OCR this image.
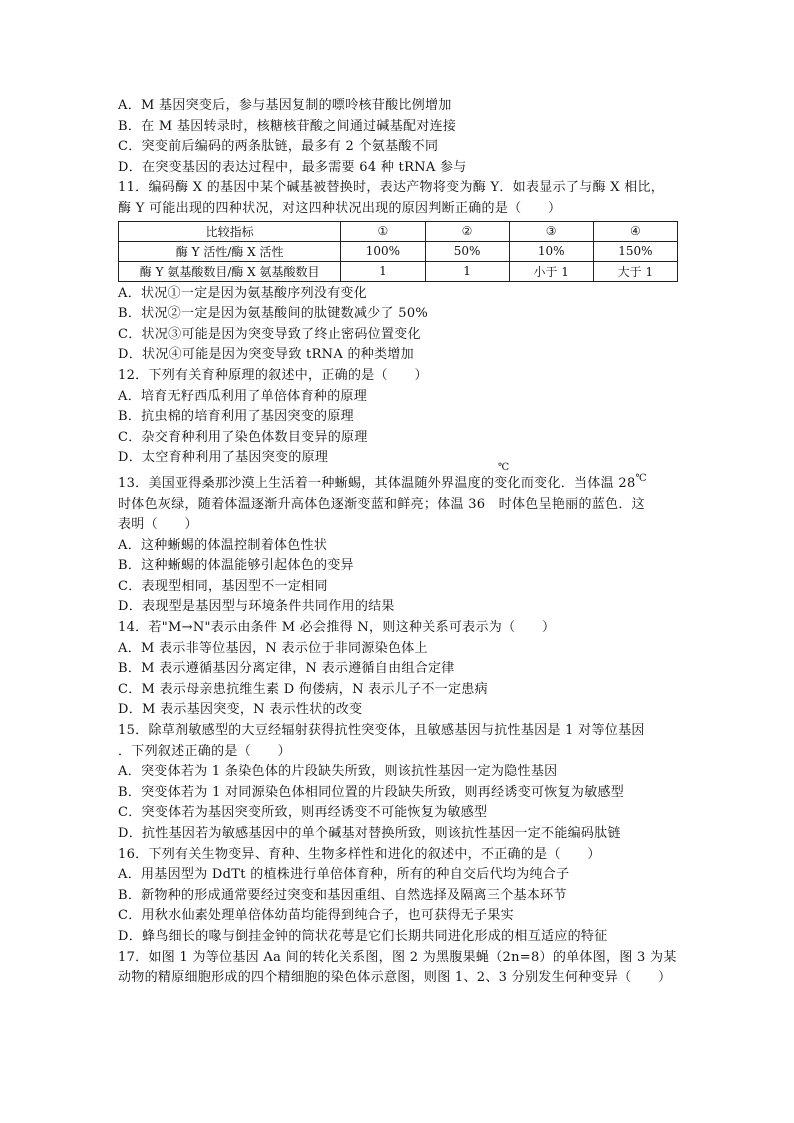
A．M 基因突变后，参与基因复制的嘌呤核苷酸比例增加
B．在 M 基因转录时，核糖核苷酸之间通过碱基配对连接
C．突变前后编码的两条肽链，最多有 2 个氨基酸不同
D．在突变基因的表达过程中，最多需要 64 种 tRNA 参与
11．编码酶 X 的基因中某个碱基被替换时，表达产物将变为酶 Y．如表显示了与酶 X 相比，
酶 Y 可能出现的四种状况，对这四种状况出现的原因判断正确的是（　　）
比较指标	①	②	③	④
酶 Y 活性/酶 X 活性	100%	50%	10%	150%
酶 Y 氨基酸数目/酶 X 氨基酸数目	1	1	小于 1	大于 1
A．状况①一定是因为氨基酸序列没有变化
B．状况②一定是因为氨基酸间的肽键数减少了 50%
C．状况③可能是因为突变导致了终止密码位置变化
D．状况④可能是因为突变导致 tRNA 的种类增加
12．下列有关育种原理的叙述中，正确的是（　　）
A．培育无籽西瓜利用了单倍体育种的原理
B．抗虫棉的培育利用了基因突变的原理
C．杂交育种利用了染色体数目变异的原理
D．太空育种利用了基因突变的原理
13．美国亚得桑那沙漠上生活着一种蜥蜴，其体温随外界温度的变化而变化．当体温 28℃
℃
时体色灰绿，随着体温逐渐升高体色逐渐变蓝和鲜亮；体温 36　时体色呈艳丽的蓝色．这
表明（　　）
A．这种蜥蜴的体温控制着体色性状
B．这种蜥蜴的体温能够引起体色的变异
C．表现型相同，基因型不一定相同
D．表现型是基因型与环境条件共同作用的结果
14．若"M→N"表示由条件 M 必会推得 N，则这种关系可表示为（　　）
A．M 表示非等位基因，N 表示位于非同源染色体上
B．M 表示遵循基因分离定律，N 表示遵循自由组合定律
C．M 表示母亲患抗维生素 D 佝偻病，N 表示儿子不一定患病
D．M 表示基因突变，N 表示性状的改变
15．除草剂敏感型的大豆经辐射获得抗性突变体，且敏感基因与抗性基因是 1 对等位基因
．下列叙述正确的是（　　）
A．突变体若为 1 条染色体的片段缺失所致，则该抗性基因一定为隐性基因
B．突变体若为 1 对同源染色体相同位置的片段缺失所致，则再经诱变可恢复为敏感型
C．突变体若为基因突变所致，则再经诱变不可能恢复为敏感型
D．抗性基因若为敏感基因中的单个碱基对替换所致，则该抗性基因一定不能编码肽链
16．下列有关生物变异、育种、生物多样性和进化的叙述中，不正确的是（　　）
A．用基因型为 DdTt 的植株进行单倍体育种，所有的种自交后代均为纯合子
B．新物种的形成通常要经过突变和基因重组、自然选择及隔离三个基本环节
C．用秋水仙素处理单倍体幼苗均能得到纯合子，也可获得无子果实
D．蜂鸟细长的喙与倒挂金钟的筒状花萼是它们长期共同进化形成的相互适应的特征
17．如图 1 为等位基因 Aa 间的转化关系图，图 2 为黑腹果蝇（2n=8）的单体图，图 3 为某
动物的精原细胞形成的四个精细胞的染色体示意图，则图 1、2、3 分别发生何种变异（　　）
